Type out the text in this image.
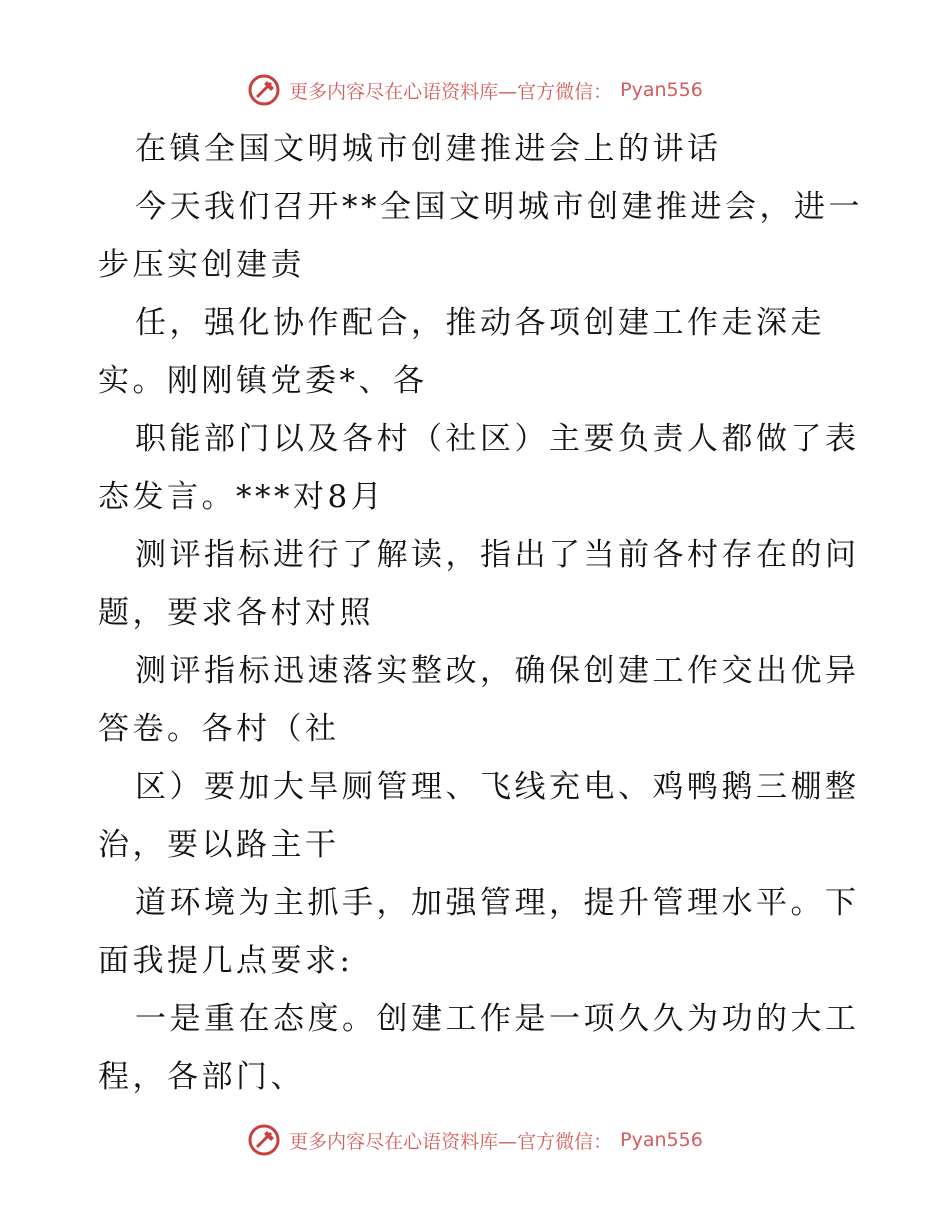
更多内容尽在心语资料库—官方微信： Pyan556
在镇全国文明城市创建推进会上的讲话
今天我们召开**全国文明城市创建推进会，进一
步压实创建责
任，强化协作配合，推动各项创建工作走深走
实。刚刚镇党委*、各
职能部门以及各村（社区）主要负责人都做了表
态发言。***对8月
测评指标进行了解读，指出了当前各村存在的问
题，要求各村对照
测评指标迅速落实整改，确保创建工作交出优异
答卷。各村（社
区）要加大旱厕管理、飞线充电、鸡鸭鹅三棚整
治，要以路主干
道环境为主抓手，加强管理，提升管理水平。下
面我提几点要求:
一是重在态度。创建工作是一项久久为功的大工
程，各部门、
更多内容尽在心语资料库—官方微信： Pyan556
